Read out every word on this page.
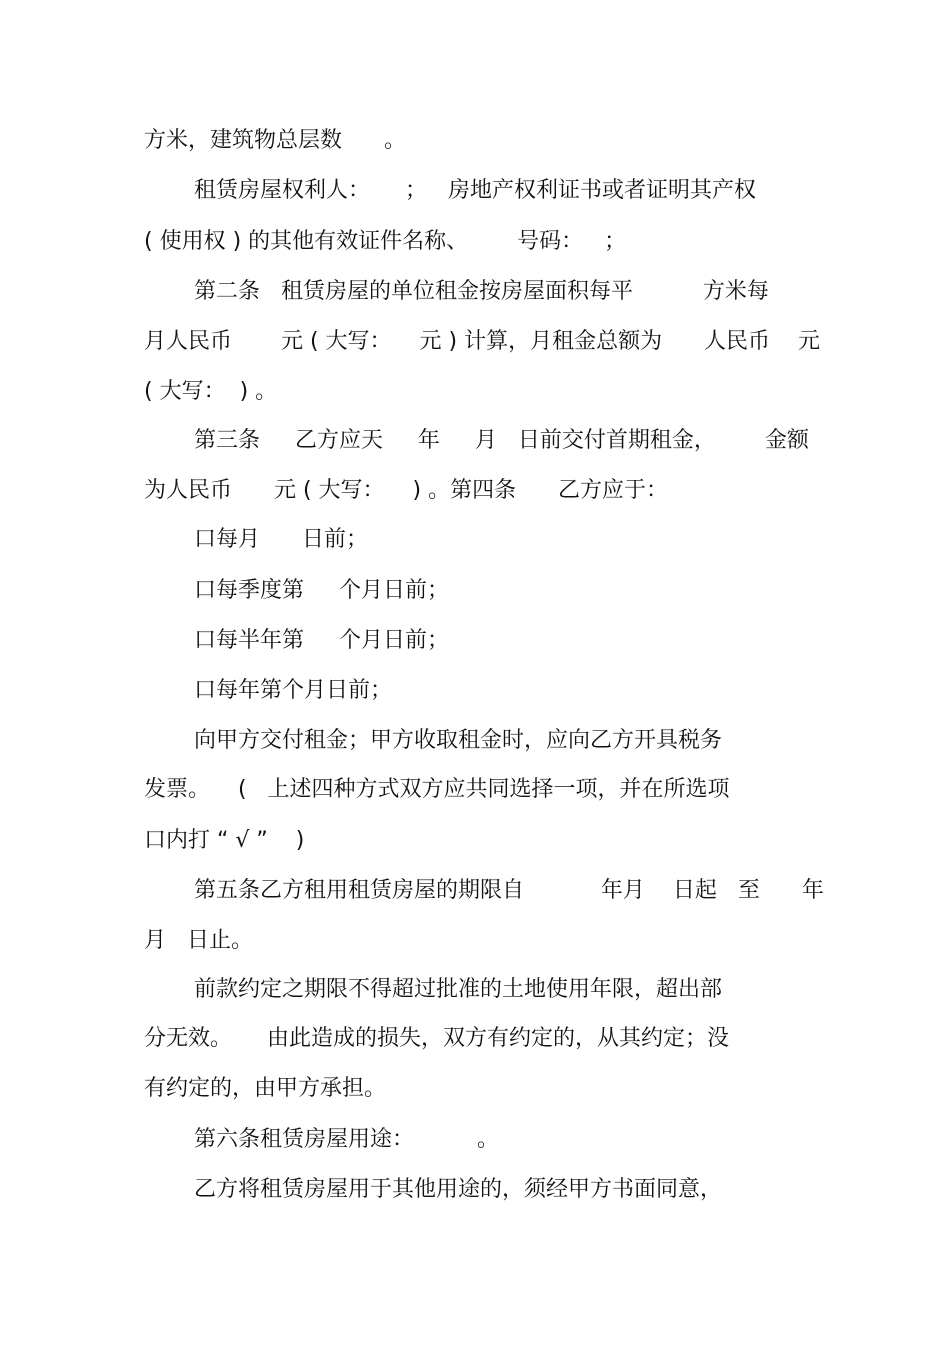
方米，建筑物总层数      。
租赁房屋权利人：     ；   房地产权利证书或者证明其产权
( 使用权 ) 的其他有效证件名称、       号码：   ；
第二条   租赁房屋的单位租金按房屋面积每平          方米每
月人民币       元 ( 大写：    元 ) 计算，月租金总额为      人民币    元
( 大写：  ) 。
第三条     乙方应天     年     月   日前交付首期租金，       金额
为人民币      元 ( 大写：    ) 。第四条      乙方应于：
口每月      日前；
口每季度第     个月日前；
口每半年第     个月日前；
口每年第个月日前；
向甲方交付租金；甲方收取租金时，应向乙方开具税务
发票。    (   上述四种方式双方应共同选择一项，并在所选项
口内打 “ √ ”    )
第五条乙方租用租赁房屋的期限自           年月    日起   至      年
月   日止。
前款约定之期限不得超过批准的土地使用年限，超出部
分无效。     由此造成的损失，双方有约定的，从其约定；没
有约定的，由甲方承担。
第六条租赁房屋用途：         。
乙方将租赁房屋用于其他用途的，须经甲方书面同意，
